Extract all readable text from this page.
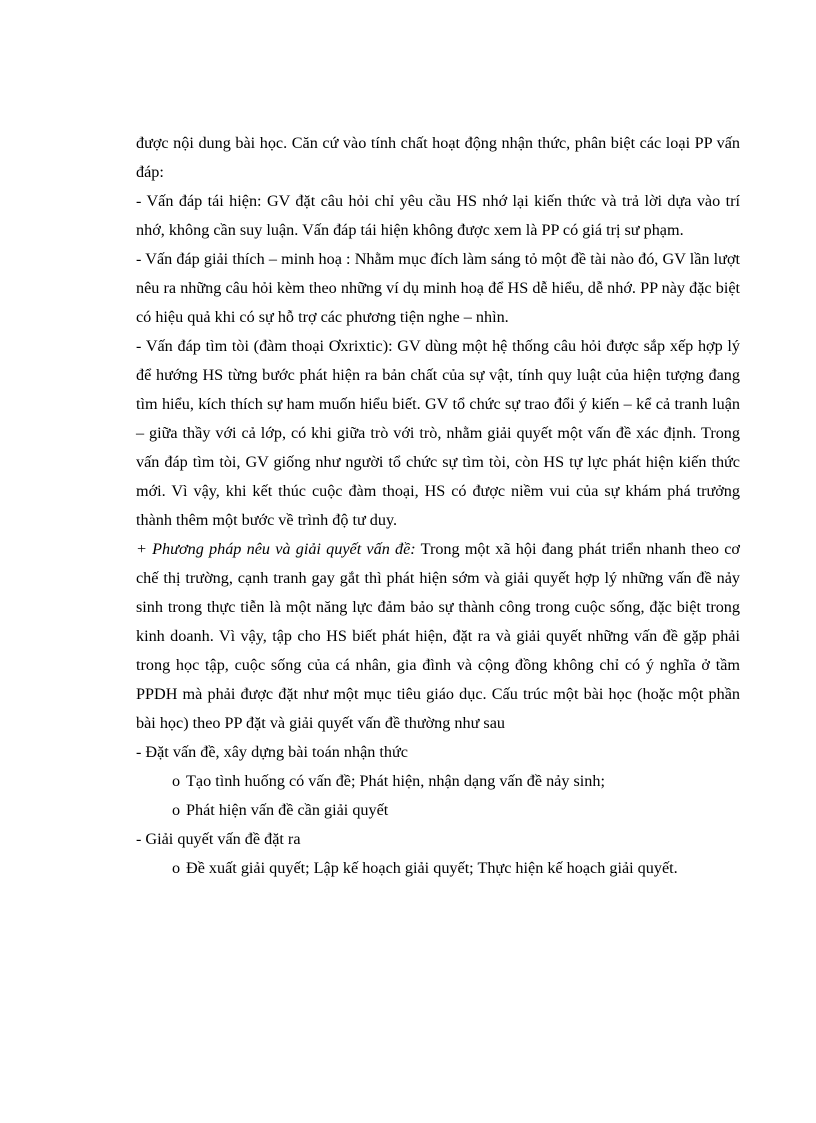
được nội dung bài học. Căn cứ vào tính chất hoạt động nhận thức, phân biệt các loại PP vấn đáp:

- Vấn đáp tái hiện: GV đặt câu hỏi chỉ yêu cầu HS nhớ lại kiến thức và trả lời dựa vào trí nhớ, không cần suy luận. Vấn đáp tái hiện không được xem là PP có giá trị sư phạm.

- Vấn đáp giải thích – minh hoạ : Nhằm mục đích làm sáng tỏ một đề tài nào đó, GV lần lượt nêu ra những câu hỏi kèm theo những ví dụ minh hoạ để HS dễ hiểu, dễ nhớ. PP này đặc biệt có hiệu quả khi có sự hỗ trợ các phương tiện nghe – nhìn.

- Vấn đáp tìm tòi (đàm thoại Ơxrixtic): GV dùng một hệ thống câu hỏi được sắp xếp hợp lý để hướng HS từng bước phát hiện ra bản chất của sự vật, tính quy luật của hiện tượng đang tìm hiểu, kích thích sự ham muốn hiểu biết. GV tổ chức sự trao đổi ý kiến – kể cả tranh luận – giữa thầy với cả lớp, có khi giữa trò với trò, nhằm giải quyết một vấn đề xác định. Trong vấn đáp tìm tòi, GV giống như người tổ chức sự tìm tòi, còn HS tự lực phát hiện kiến thức mới. Vì vậy, khi kết thúc cuộc đàm thoại, HS có được niềm vui của sự khám phá trưởng thành thêm một bước về trình độ tư duy.

+ Phương pháp nêu và giải quyết vấn đề: Trong một xã hội đang phát triển nhanh theo cơ chế thị trường, cạnh tranh gay gắt thì phát hiện sớm và giải quyết hợp lý những vấn đề nảy sinh trong thực tiễn là một năng lực đảm bảo sự thành công trong cuộc sống, đặc biệt trong kinh doanh. Vì vậy, tập cho HS biết phát hiện, đặt ra và giải quyết những vấn đề gặp phải trong học tập, cuộc sống của cá nhân, gia đình và cộng đồng không chỉ có ý nghĩa ở tầm PPDH mà phải được đặt như một mục tiêu giáo dục. Cấu trúc một bài học (hoặc một phần bài học) theo PP đặt và giải quyết vấn đề thường như sau

- Đặt vấn đề, xây dựng bài toán nhận thức

o Tạo tình huống có vấn đề; Phát hiện, nhận dạng vấn đề nảy sinh;

o Phát hiện vấn đề cần giải quyết

- Giải quyết vấn đề đặt ra

o Đề xuất giải quyết; Lập kế hoạch giải quyết; Thực hiện kế hoạch giải quyết.
